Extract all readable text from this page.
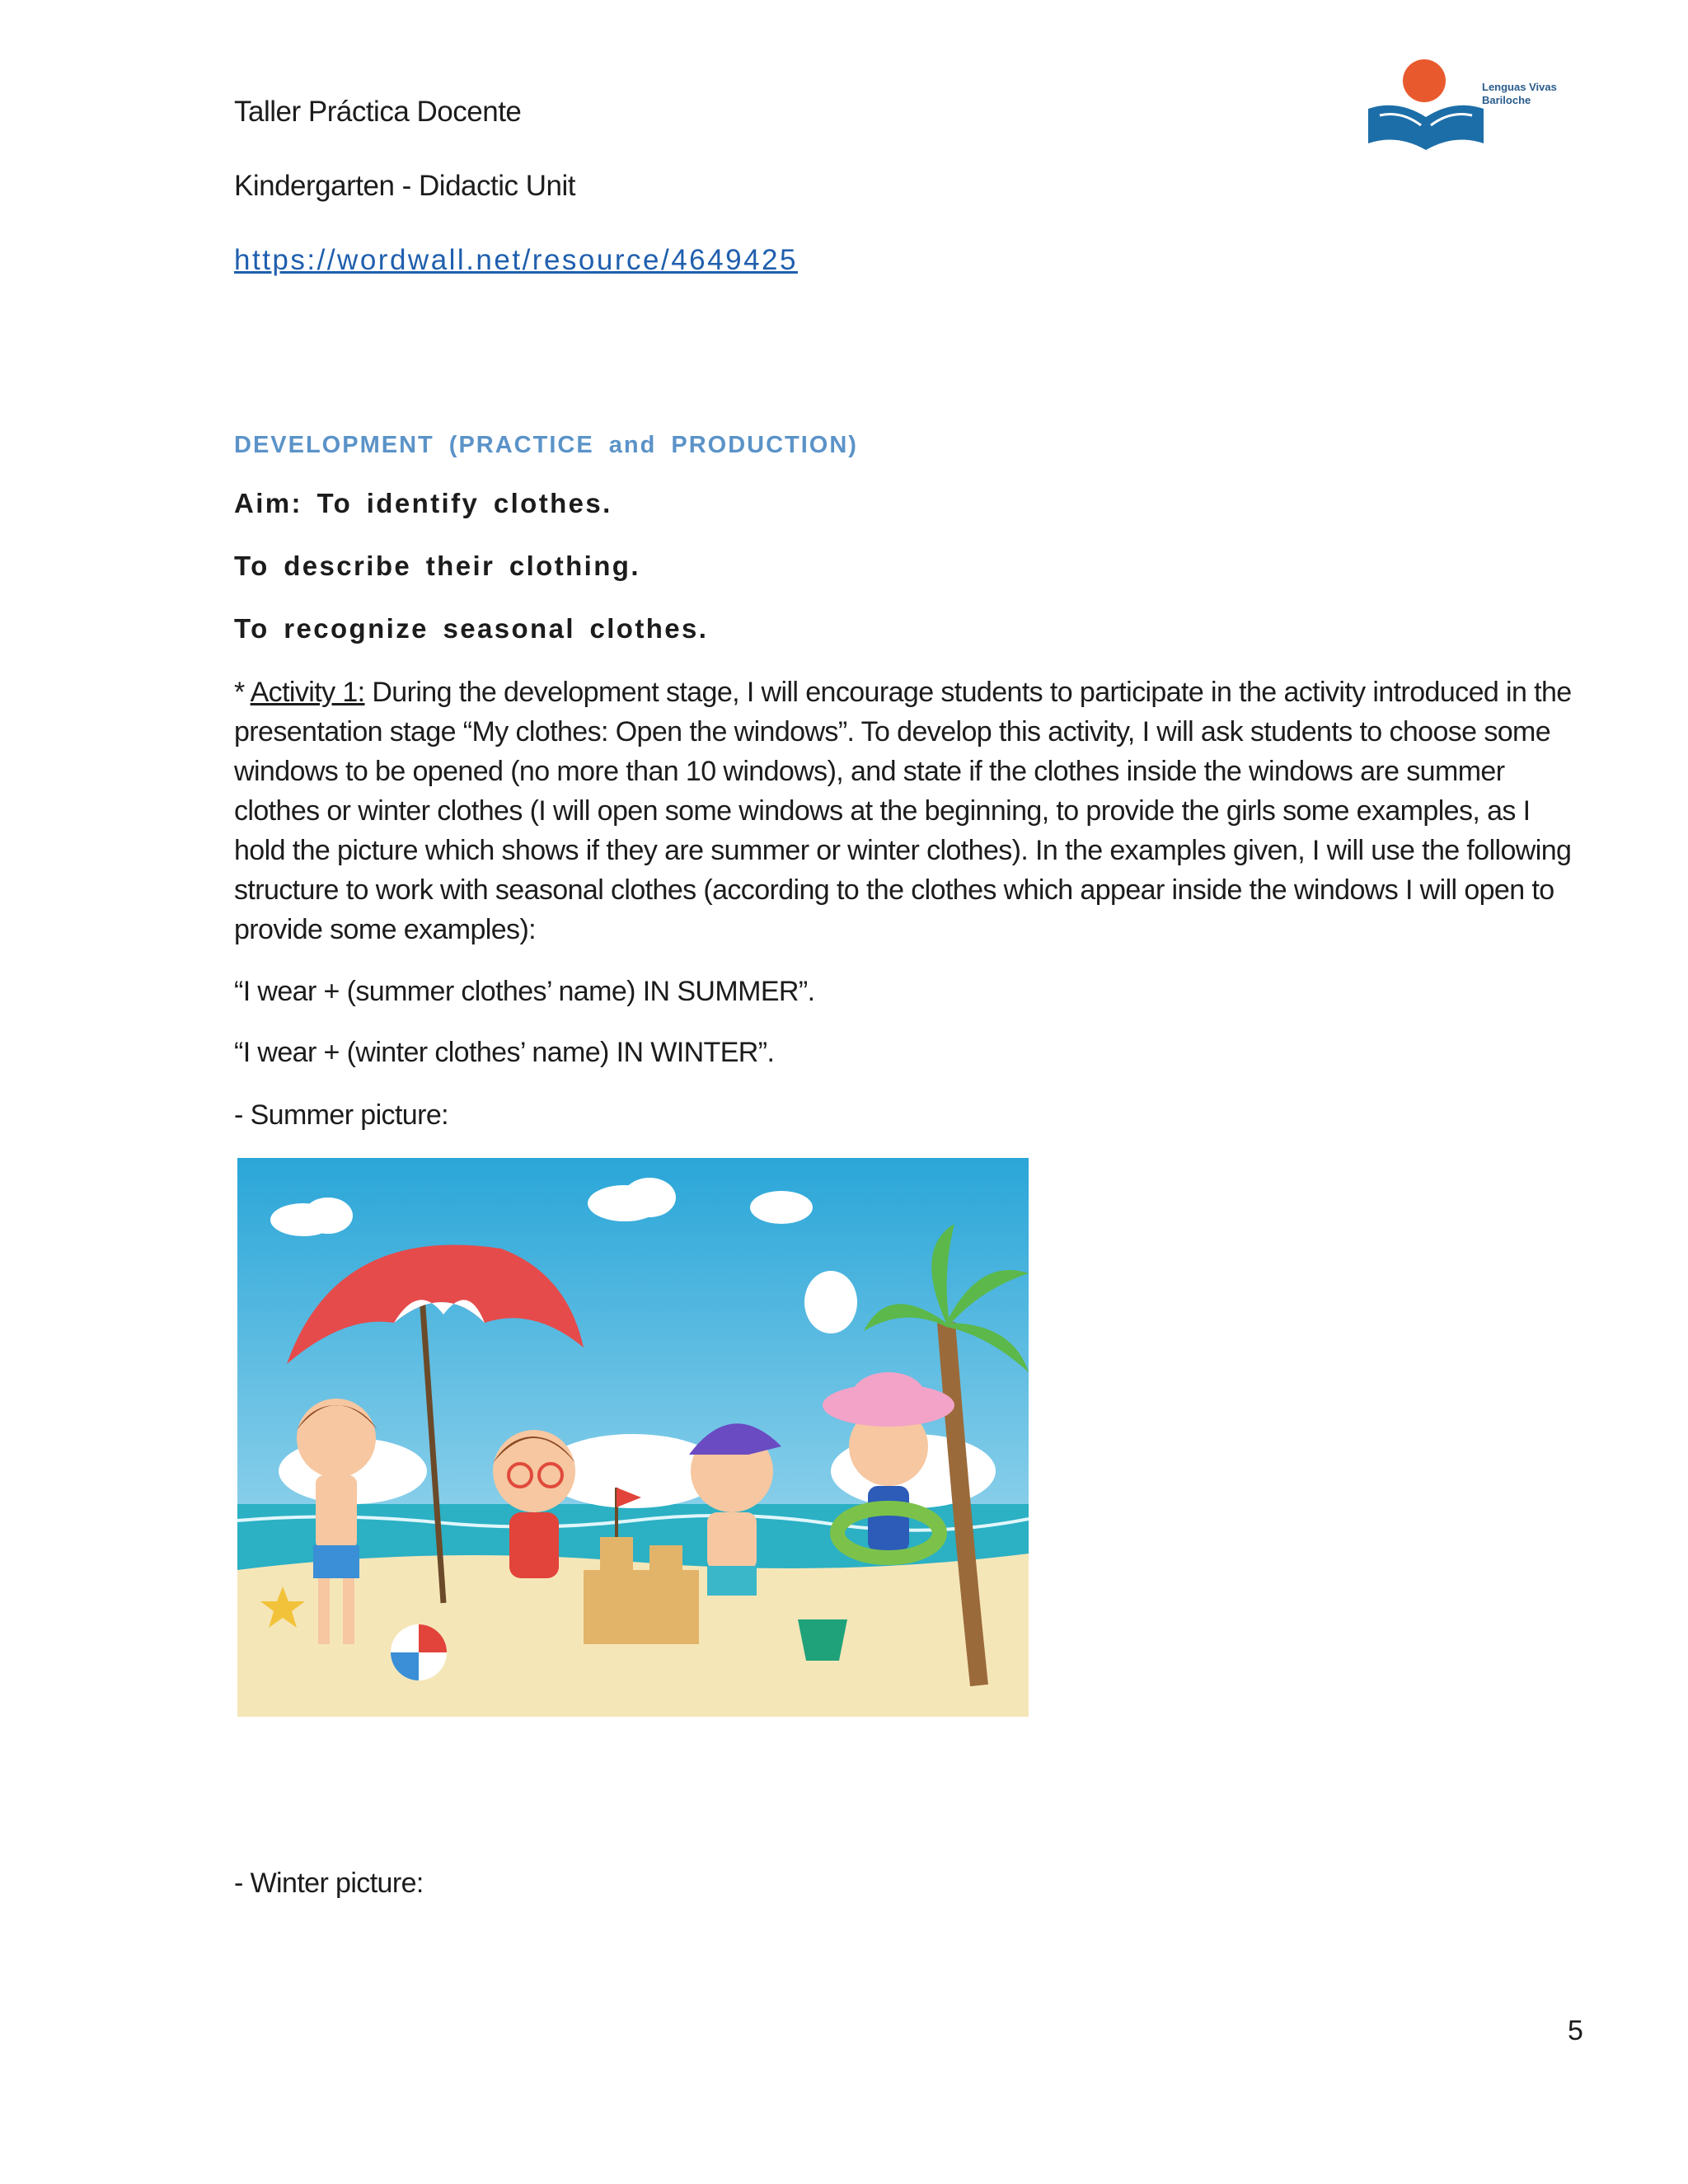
Taller Práctica Docente

Kindergarten - Didactic Unit

https://wordwall.net/resource/4649425
Lenguas Vivas
Bariloche

DEVELOPMENT (PRACTICE and PRODUCTION)

Aim: To identify clothes.

To describe their clothing.

To recognize seasonal clothes.

* Activity 1: During the development stage, I will encourage students to participate in the activity introduced in the presentation stage “My clothes: Open the windows”. To develop this activity, I will ask students to choose some windows to be opened (no more than 10 windows), and state if the clothes inside the windows are summer clothes or winter clothes (I will open some windows at the beginning, to provide the girls some examples, as I hold the picture which shows if they are summer or winter clothes). In the examples given, I will use the following structure to work with seasonal clothes (according to the clothes which appear inside the windows I will open to provide some examples):

“I wear + (summer clothes’ name) IN SUMMER”.

“I wear + (winter clothes’ name) IN WINTER”.

- Summer picture:

- Winter picture:

5
